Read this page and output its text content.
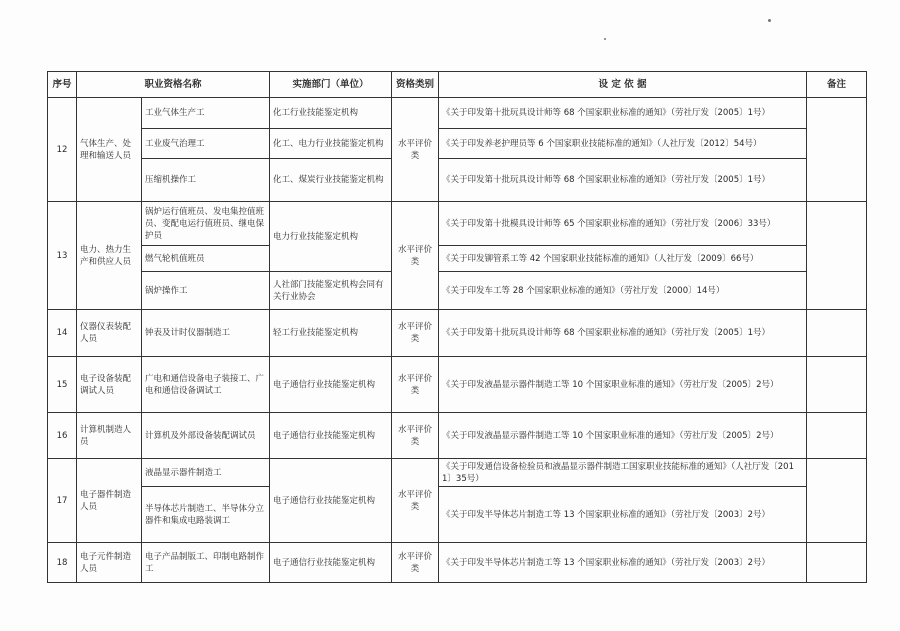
序号	职业资格名称		实施部门（单位）	资格类别	设 定 依 据	备注
12	气体生产、处理和输送人员	工业气体生产工	化工行业技能鉴定机构	水平评价类	《关于印发第十批玩具设计师等 68 个国家职业标准的通知》（劳社厅发〔2005〕1号）	
		工业废气治理工	化工、电力行业技能鉴定机构		《关于印发养老护理员等 6 个国家职业技能标准的通知》（人社厅发〔2012〕54号）	
		压缩机操作工	化工、煤炭行业技能鉴定机构		《关于印发第十批玩具设计师等 68 个国家职业标准的通知》（劳社厅发〔2005〕1号）	
13	电力、热力生产和供应人员	锅炉运行值班员、发电集控值班员、变配电运行值班员、继电保护员	电力行业技能鉴定机构	水平评价类	《关于印发第十批模具设计师等 65 个国家职业标准的通知》（劳社厅发〔2006〕33号）	
		燃气轮机值班员			《关于印发铆管系工等 42 个国家职业技能标准的通知》（人社厅发〔2009〕66号）	
		锅炉操作工	人社部门技能鉴定机构会同有关行业协会		《关于印发车工等 28 个国家职业标准的通知》（劳社厅发〔2000〕14号）	
14	仪器仪表装配人员	钟表及计时仪器制造工	轻工行业技能鉴定机构	水平评价类	《关于印发第十批玩具设计师等 68 个国家职业标准的通知》（劳社厅发〔2005〕1号）	
15	电子设备装配调试人员	广电和通信设备电子装接工、广电和通信设备调试工	电子通信行业技能鉴定机构	水平评价类	《关于印发液晶显示器件制造工等 10 个国家职业标准的通知》（劳社厅发〔2005〕2号）	
16	计算机制造人员	计算机及外部设备装配调试员	电子通信行业技能鉴定机构	水平评价类	《关于印发液晶显示器件制造工等 10 个国家职业标准的通知》（劳社厅发〔2005〕2号）	
17	电子器件制造人员	液晶显示器件制造工	电子通信行业技能鉴定机构	水平评价类	《关于印发通信设备检验员和液晶显示器件制造工国家职业技能标准的通知》（人社厅发〔2011〕35号）	
		半导体芯片制造工、半导体分立器件和集成电路装调工			《关于印发半导体芯片制造工等 13 个国家职业标准的通知》（劳社厅发〔2003〕2号）	
18	电子元件制造人员	电子产品制版工、印制电路制作工	电子通信行业技能鉴定机构	水平评价类	《关于印发半导体芯片制造工等 13 个国家职业标准的通知》（劳社厅发〔2003〕2号）	
